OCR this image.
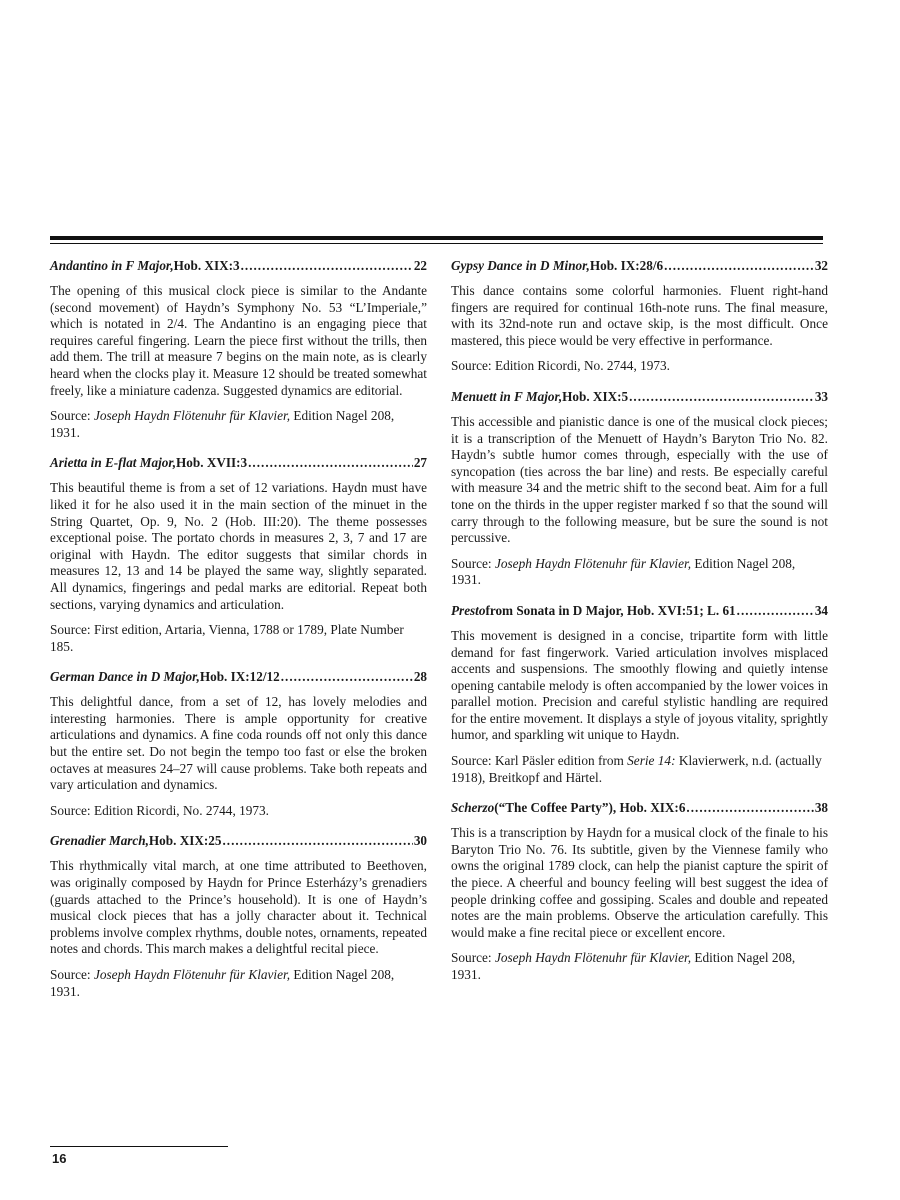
Andantino in F Major, Hob. XIX:3 .....	22

The opening of this musical clock piece is similar to the Andante (second movement) of Haydn’s Symphony No. 53 “L’Imperiale,” which is notated in 2/4. The Andantino is an engaging piece that requires careful fingering. Learn the piece first without the trills, then add them. The trill at measure 7 begins on the main note, as is clearly heard when the clocks play it. Measure 12 should be treated somewhat freely, like a miniature cadenza. Suggested dynamics are editorial.

Source: Joseph Haydn Flötenuhr für Klavier, Edition Nagel 208, 1931.

Arietta in E-flat Major, Hob. XVII:3 .....	27

This beautiful theme is from a set of 12 variations. Haydn must have liked it for he also used it in the main section of the minuet in the String Quartet, Op. 9, No. 2 (Hob. III:20). The theme possesses exceptional poise. The portato chords in measures 2, 3, 7 and 17 are original with Haydn. The editor suggests that similar chords in measures 12, 13 and 14 be played the same way, slightly separated. All dynamics, fingerings and pedal marks are editorial. Repeat both sections, varying dynamics and articulation.

Source: First edition, Artaria, Vienna, 1788 or 1789, Plate Number 185.

German Dance in D Major, Hob. IX:12/12 .....	28

This delightful dance, from a set of 12, has lovely melodies and interesting harmonies. There is ample opportunity for creative articulations and dynamics. A fine coda rounds off not only this dance but the entire set. Do not begin the tempo too fast or else the broken octaves at measures 24–27 will cause problems. Take both repeats and vary articulation and dynamics.

Source: Edition Ricordi, No. 2744, 1973.

Grenadier March, Hob. XIX:25 .....	30

This rhythmically vital march, at one time attributed to Beethoven, was originally composed by Haydn for Prince Esterházy’s grenadiers (guards attached to the Prince’s household). It is one of Haydn’s musical clock pieces that has a jolly character about it. Technical problems involve complex rhythms, double notes, ornaments, repeated notes and chords. This march makes a delightful recital piece.

Source: Joseph Haydn Flötenuhr für Klavier, Edition Nagel 208, 1931.

Gypsy Dance in D Minor, Hob. IX:28/6 .....	32

This dance contains some colorful harmonies. Fluent right-hand fingers are required for continual 16th-note runs. The final measure, with its 32nd-note run and octave skip, is the most difficult. Once mastered, this piece would be very effective in performance.

Source: Edition Ricordi, No. 2744, 1973.

Menuett in F Major, Hob. XIX:5 .....	33

This accessible and pianistic dance is one of the musical clock pieces; it is a transcription of the Menuett of Haydn’s Baryton Trio No. 82. Haydn’s subtle humor comes through, especially with the use of syncopation (ties across the bar line) and rests. Be especially careful with measure 34 and the metric shift to the second beat. Aim for a full tone on the thirds in the upper register marked f so that the sound will carry through to the following measure, but be sure the sound is not percussive.

Source: Joseph Haydn Flötenuhr für Klavier, Edition Nagel 208, 1931.

Presto from Sonata in D Major, Hob. XVI:51; L. 61 .....	34

This movement is designed in a concise, tripartite form with little demand for fast fingerwork. Varied articulation involves misplaced accents and suspensions. The smoothly flowing and quietly intense opening cantabile melody is often accompanied by the lower voices in parallel motion. Precision and careful stylistic handling are required for the entire movement. It displays a style of joyous vitality, sprightly humor, and sparkling wit unique to Haydn.

Source: Karl Päsler edition from Serie 14: Klavierwerk, n.d. (actually 1918), Breitkopf and Härtel.

Scherzo (“The Coffee Party”), Hob. XIX:6 .....	38

This is a transcription by Haydn for a musical clock of the finale to his Baryton Trio No. 76. Its subtitle, given by the Viennese family who owns the original 1789 clock, can help the pianist capture the spirit of the piece. A cheerful and bouncy feeling will best suggest the idea of people drinking coffee and gossiping. Scales and double and repeated notes are the main problems. Observe the articulation carefully. This would make a fine recital piece or excellent encore.

Source: Joseph Haydn Flötenuhr für Klavier, Edition Nagel 208, 1931.

16
